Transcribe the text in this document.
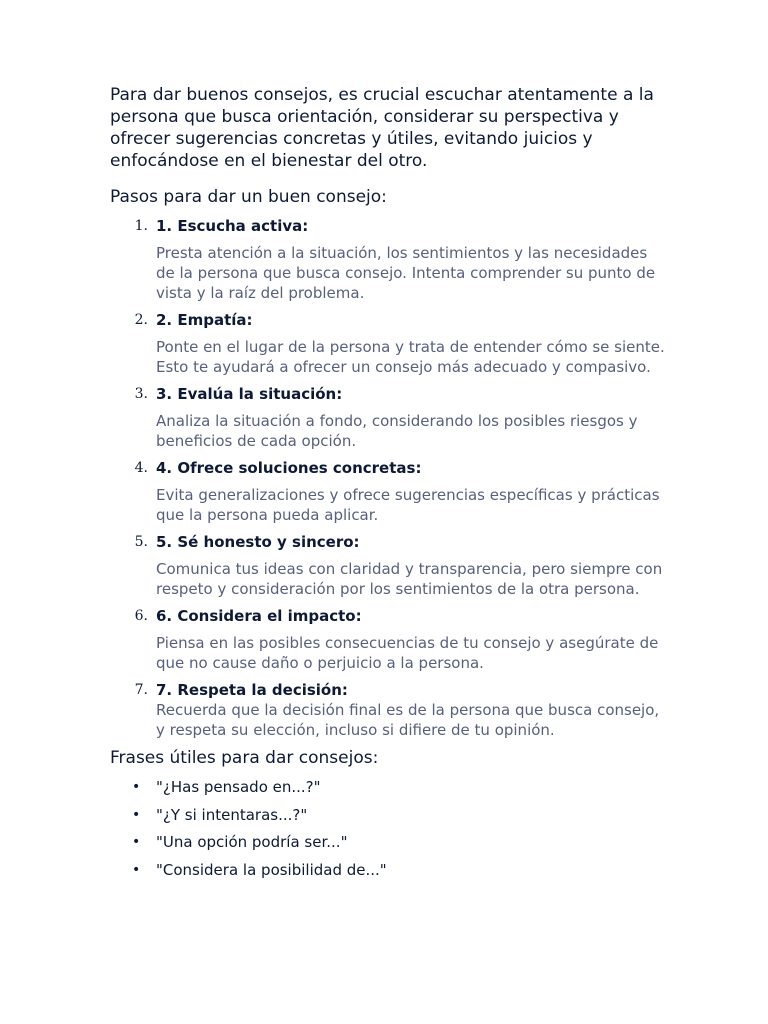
Para dar buenos consejos, es crucial escuchar atentamente a la persona que busca orientación, considerar su perspectiva y ofrecer sugerencias concretas y útiles, evitando juicios y enfocándose en el bienestar del otro.

Pasos para dar un buen consejo:
1. 1. Escucha activa:

Presta atención a la situación, los sentimientos y las necesidades de la persona que busca consejo. Intenta comprender su punto de vista y la raíz del problema.

2. 2. Empatía:

Ponte en el lugar de la persona y trata de entender cómo se siente. Esto te ayudará a ofrecer un consejo más adecuado y compasivo.

3. 3. Evalúa la situación:

Analiza la situación a fondo, considerando los posibles riesgos y beneficios de cada opción.

4. 4. Ofrece soluciones concretas:

Evita generalizaciones y ofrece sugerencias específicas y prácticas que la persona pueda aplicar.

5. 5. Sé honesto y sincero:

Comunica tus ideas con claridad y transparencia, pero siempre con respeto y consideración por los sentimientos de la otra persona.

6. 6. Considera el impacto:

Piensa en las posibles consecuencias de tu consejo y asegúrate de que no cause daño o perjuicio a la persona.

7. 7. Respeta la decisión:

Recuerda que la decisión final es de la persona que busca consejo, y respeta su elección, incluso si difiere de tu opinión.

Frases útiles para dar consejos:
• "¿Has pensado en...?"
• "¿Y si intentaras...?"
• "Una opción podría ser..."
• "Considera la posibilidad de..."
